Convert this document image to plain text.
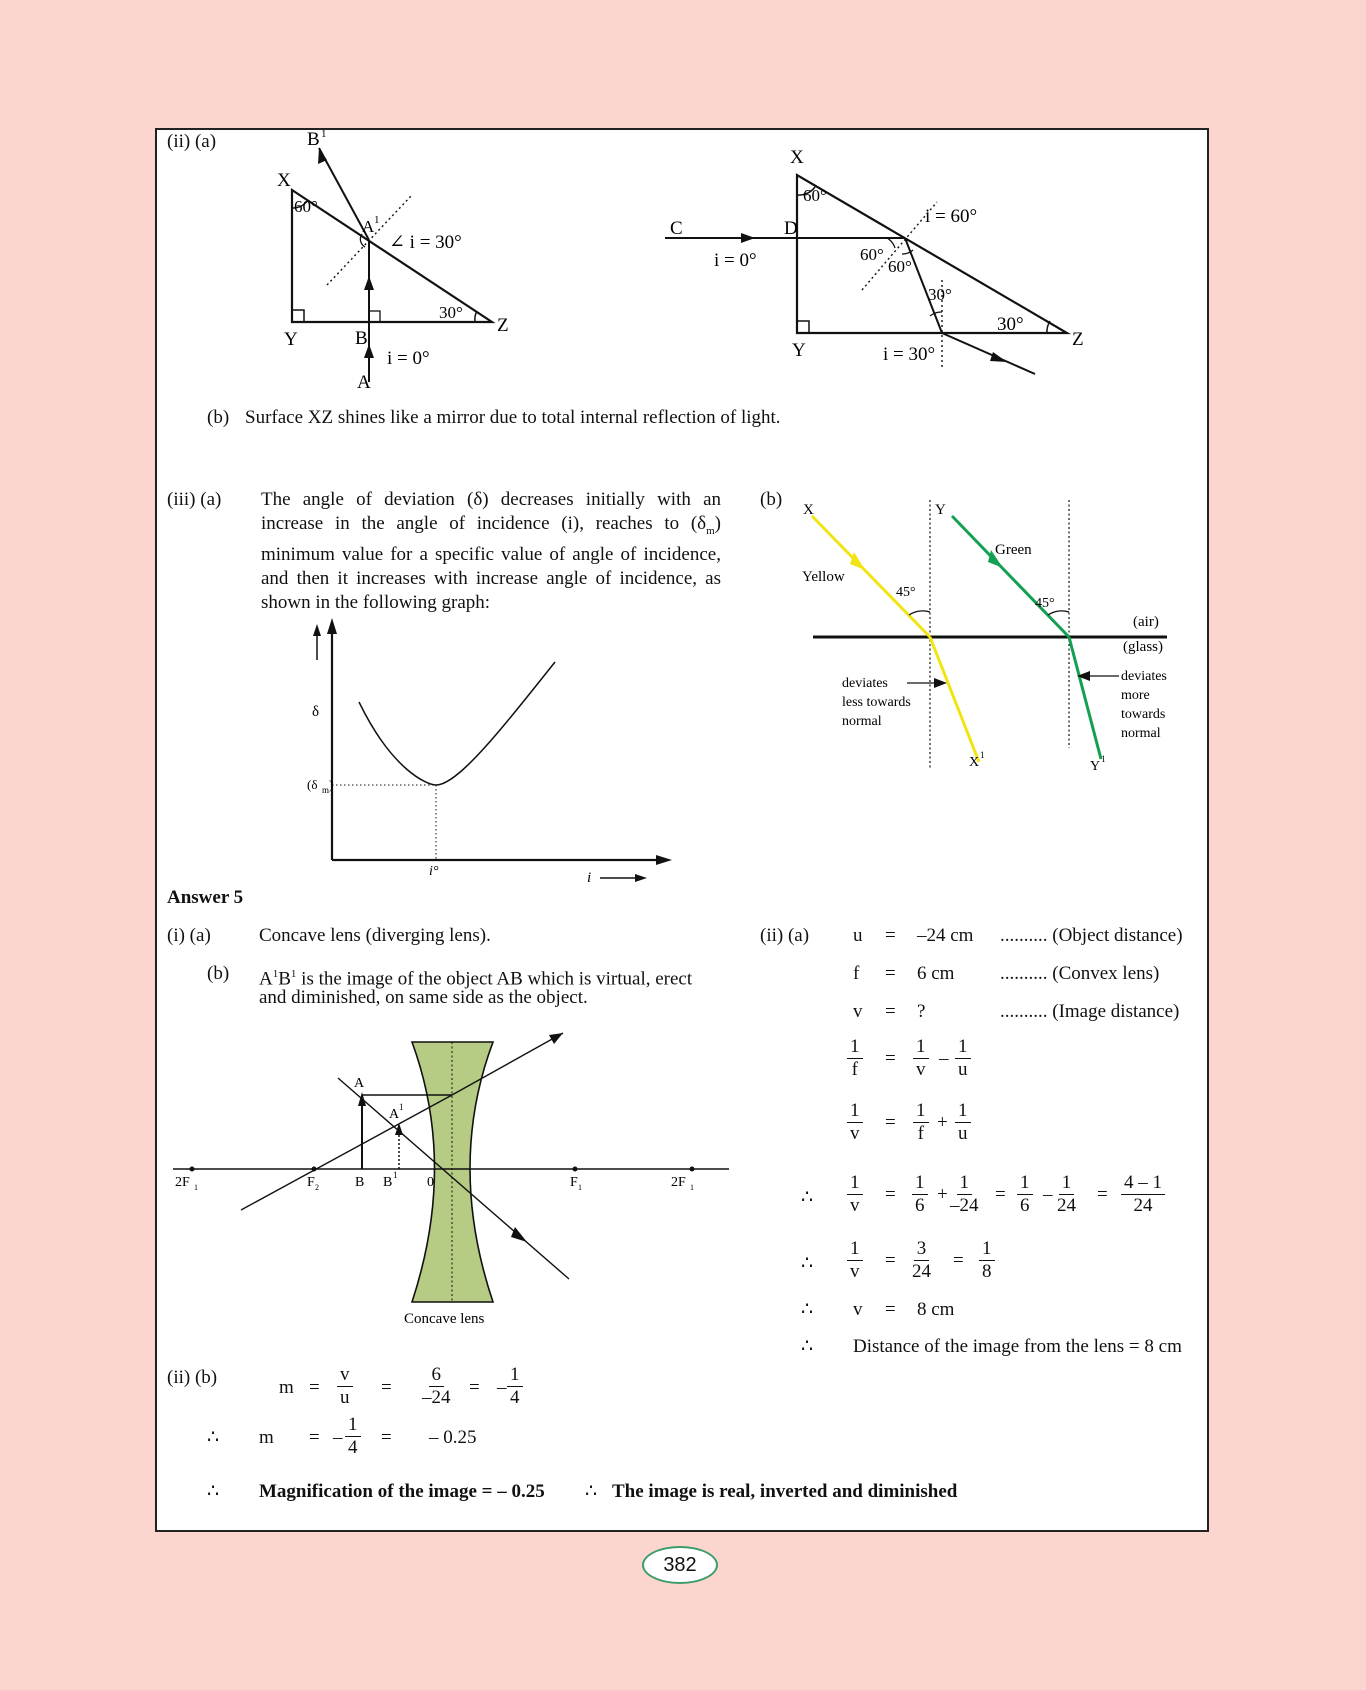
(ii) (a)	B 1
X
60°
A 1
∠ i = 30°
Y	B
30°
Z
i = 0°
A
X
60°
i = 60°
C	D
i = 0°	60°
60°
30°
Y	i = 30°
30°
Z
(b) Surface XZ shines like a mirror due to total internal reflection of light.
(iii) (a) The angle of deviation (δ) decreases initially with an increase in the angle of incidence (i), reaches to $(\delta_m)$ minimum value for a specific value of angle of incidence, and then it increases with increase angle of incidence, as shown in the following graph:
δ
(δ m )
i°	i
(b) X	Y
Yellow
Green
45°
45°
(air)
(glass)
deviates
less towards
normal
deviates
more
towards
normal
X 1
Y 1
Answer 5
(i) (a)	Concave lens (diverging lens).
(b) $A^1B^1$ is the image of the object AB which is virtual, erect
and diminished, on same side as the object.
A
A 1
B B 1 0
2F 1	F 2	F 1	2F 1
Concave lens
(ii) (a) u = –24 cm .......... (Object distance)
f = 6 cm .......... (Convex lens)
v = ?	.......... (Image distance)
$\frac{1}{f} = \frac{1}{v} - \frac{1}{u}$
$\frac{1}{v} = \frac{1}{f} + \frac{1}{u}$
∴ $\frac{1}{v} = \frac{1}{6} + \frac{1}{-24} = \frac{1}{6} - \frac{1}{24} = \frac{4 - 1}{24}$
∴ $\frac{1}{v} = \frac{3}{24} = \frac{1}{8}$
∴ v = 8 cm
∴ Distance of the image from the lens = 8 cm
(ii) (b)	$m = \frac{v}{u} = \frac{6}{-24}$ = – $\frac{1}{4}$
∴ m = – $\frac{1}{4}$ = – 0.25
∴ Magnification of the image = – 0.25 ∴ The image is real, inverted and diminished
382
